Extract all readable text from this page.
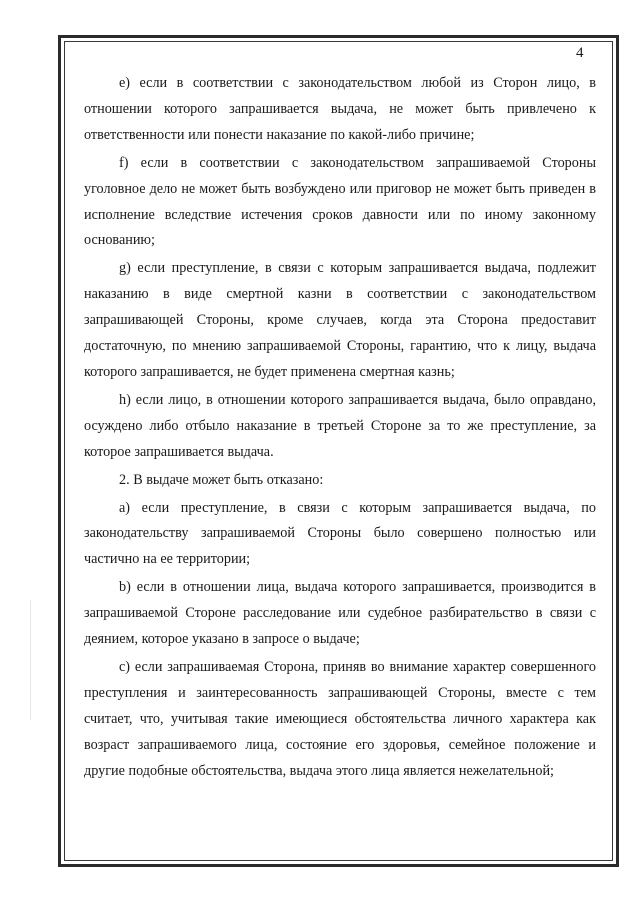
4

e) если в соответствии с законодательством любой из Сторон лицо, в отношении которого запрашивается выдача, не может быть привлечено к ответственности или понести наказание по какой-либо причине;

f) если в соответствии с законодательством запрашиваемой Стороны уголовное дело не может быть возбуждено или приговор не может быть приведен в исполнение вследствие истечения сроков давности или по иному законному основанию;

g) если преступление, в связи с которым запрашивается выдача, подлежит наказанию в виде смертной казни в соответствии с законодательством запрашивающей Стороны, кроме случаев, когда эта Сторона предоставит достаточную, по мнению запрашиваемой Стороны, гарантию, что к лицу, выдача которого запрашивается, не будет применена смертная казнь;

h) если лицо, в отношении которого запрашивается выдача, было оправдано, осуждено либо отбыло наказание в третьей Стороне за то же преступление, за которое запрашивается выдача.

2. В выдаче может быть отказано:

a) если преступление, в связи с которым запрашивается выдача, по законодательству запрашиваемой Стороны было совершено полностью или частично на ее территории;

b) если в отношении лица, выдача которого запрашивается, производится в запрашиваемой Стороне расследование или судебное разбирательство в связи с деянием, которое указано в запросе о выдаче;

c) если запрашиваемая Сторона, приняв во внимание характер совершенного преступления и заинтересованность запрашивающей Стороны, вместе с тем считает, что, учитывая такие имеющиеся обстоятельства личного характера как возраст запрашиваемого лица, состояние его здоровья, семейное положение и другие подобные обстоятельства, выдача этого лица является нежелательной;
